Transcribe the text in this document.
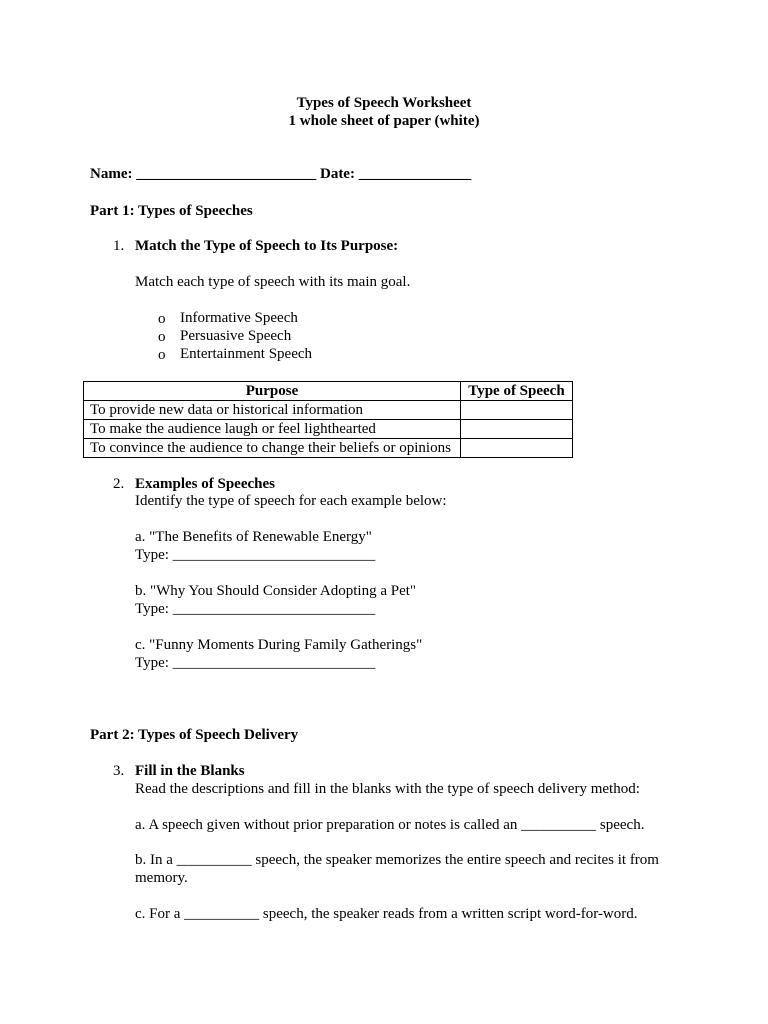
Types of Speech Worksheet
1 whole sheet of paper (white)
Name: ________________________ Date: _______________
Part 1: Types of Speeches
1. Match the Type of Speech to Its Purpose:
Match each type of speech with its main goal.
o Informative Speech
o Persuasive Speech
o Entertainment Speech
Purpose	Type of Speech
To provide new data or historical information	
To make the audience laugh or feel lighthearted	
To convince the audience to change their beliefs or opinions	
2. Examples of Speeches
Identify the type of speech for each example below:
a. "The Benefits of Renewable Energy"
Type: ___________________________
b. "Why You Should Consider Adopting a Pet"
Type: ___________________________
c. "Funny Moments During Family Gatherings"
Type: ___________________________
Part 2: Types of Speech Delivery
3. Fill in the Blanks
Read the descriptions and fill in the blanks with the type of speech delivery method:
a. A speech given without prior preparation or notes is called an __________ speech.
b. In a __________ speech, the speaker memorizes the entire speech and recites it from memory.
c. For a __________ speech, the speaker reads from a written script word-for-word.
